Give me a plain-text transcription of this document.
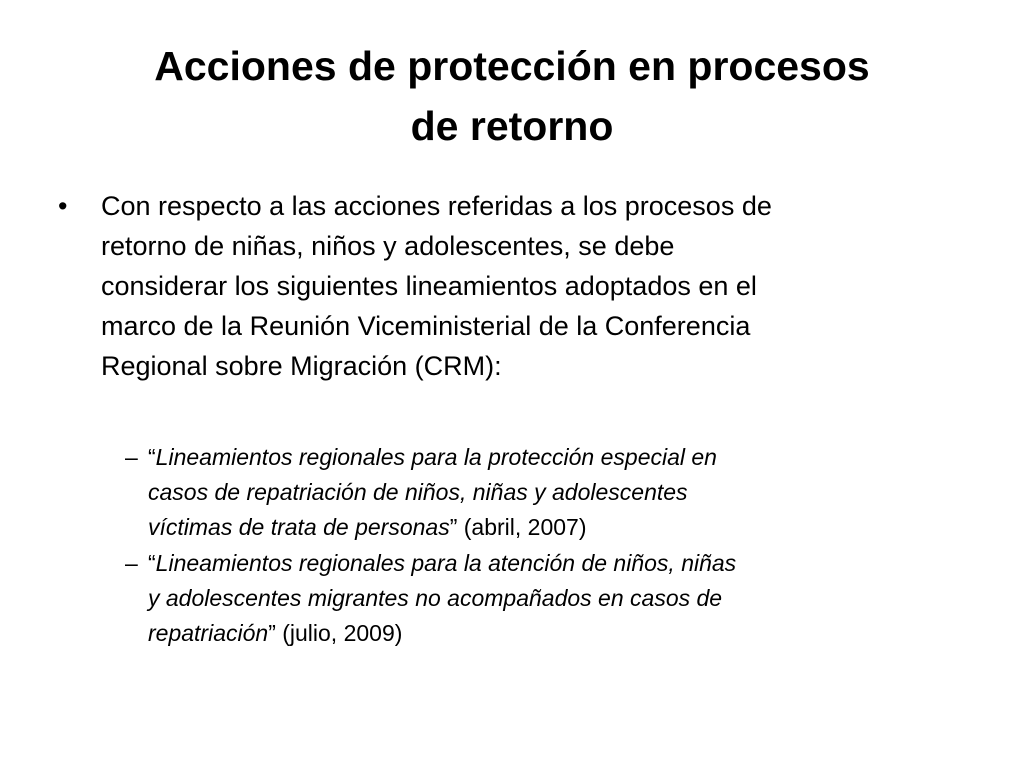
Acciones de protección en procesos
de retorno
•	Con respecto a las acciones referidas a los procesos de
retorno de niñas, niños y adolescentes, se debe
considerar los siguientes lineamientos adoptados en el
marco de la Reunión Viceministerial de la Conferencia
Regional sobre Migración (CRM):
– “Lineamientos regionales para la protección especial en
casos de repatriación de niños, niñas y adolescentes
víctimas de trata de personas” (abril, 2007)
– “Lineamientos regionales para la atención de niños, niñas
y adolescentes migrantes no acompañados en casos de
repatriación” (julio, 2009)
